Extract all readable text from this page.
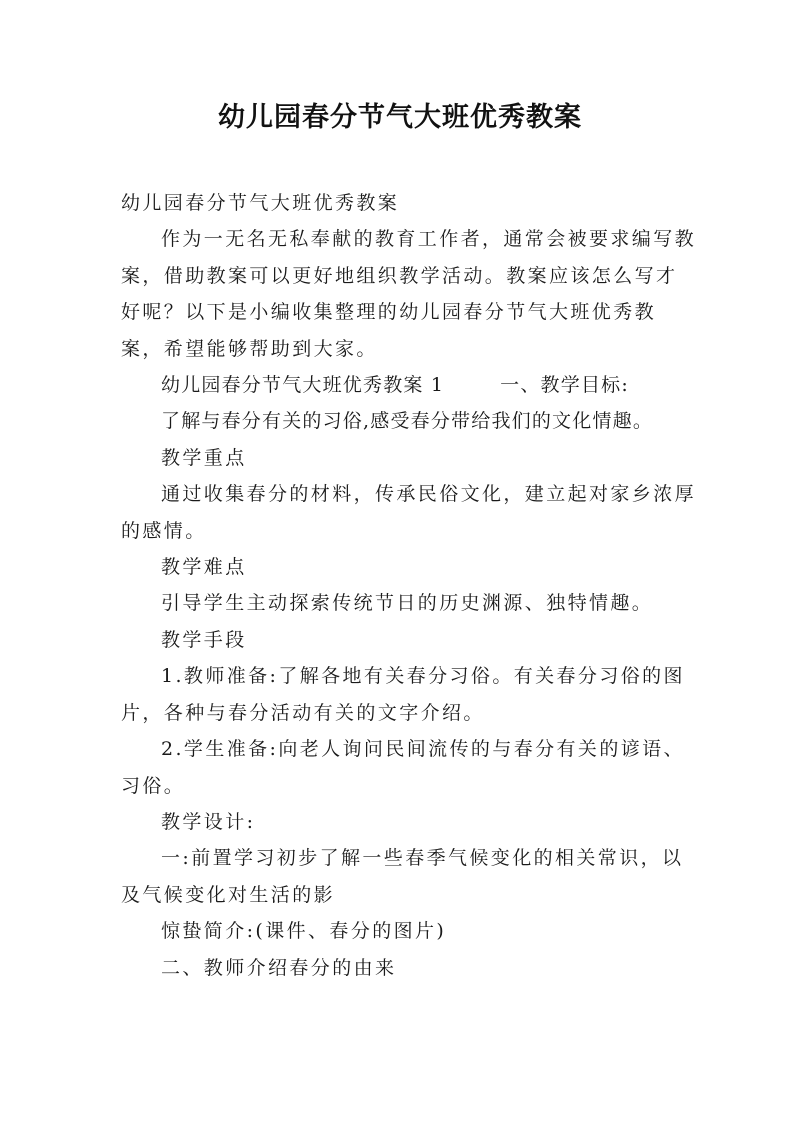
幼儿园春分节气大班优秀教案

幼儿园春分节气大班优秀教案

作为一无名无私奉献的教育工作者，通常会被要求编写教案，借助教案可以更好地组织教学活动。教案应该怎么写才好呢？以下是小编收集整理的幼儿园春分节气大班优秀教案，希望能够帮助到大家。

幼儿园春分节气大班优秀教案 1	一、教学目标:

了解与春分有关的习俗,感受春分带给我们的文化情趣。

教学重点

通过收集春分的材料，传承民俗文化，建立起对家乡浓厚的感情。

教学难点

引导学生主动探索传统节日的历史渊源、独特情趣。

教学手段

1.教师准备:了解各地有关春分习俗。有关春分习俗的图片，各种与春分活动有关的文字介绍。

2.学生准备:向老人询问民间流传的与春分有关的谚语、习俗。

教学设计:

一:前置学习初步了解一些春季气候变化的相关常识，以及气候变化对生活的影

惊蛰简介:(课件、春分的图片)

二、教师介绍春分的由来
